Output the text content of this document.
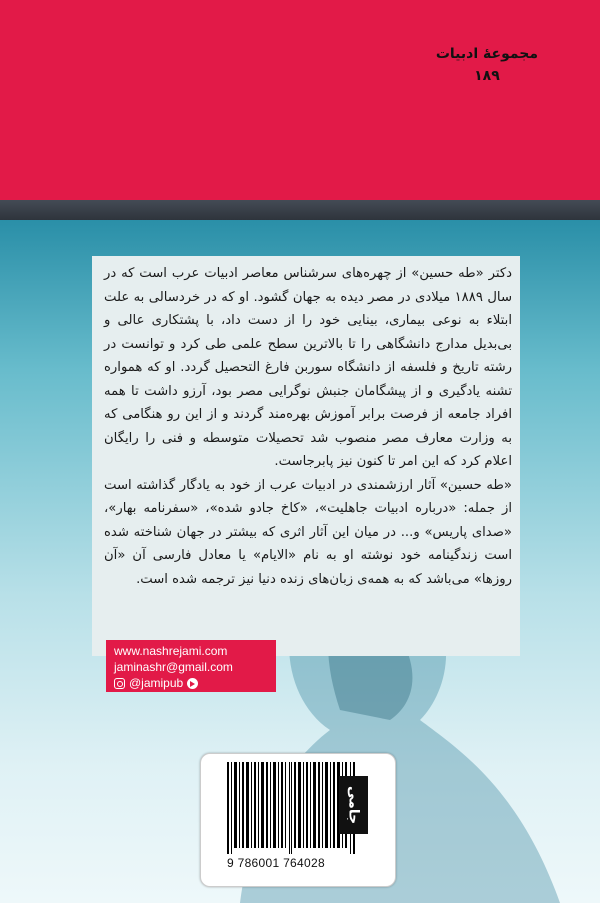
مجموعهٔ ادبیات
۱۸۹

دکتر «طه حسین» از چهره‌های سرشناس معاصر ادبیات عرب است که در سال ۱۸۸۹ میلادی در مصر دیده به جهان گشود. او که در خردسالی به علت ابتلاء به نوعی بیماری، بینایی خود را از دست داد، با پشتکاری عالی و بی‌بدیل مدارج دانشگاهی را تا بالاترین سطح علمی طی کرد و توانست در رشته تاریخ و فلسفه از دانشگاه سوربن فارغ التحصیل گردد. او که همواره تشنه یادگیری و از پیشگامان جنبش نوگرایی مصر بود، آرزو داشت تا همه افراد جامعه از فرصت برابر آموزش بهره‌مند گردند و از این رو هنگامی که به وزارت معارف مصر منصوب شد تحصیلات متوسطه و فنی را رایگان اعلام کرد که این امر تا کنون نیز پابرجاست.

«طه حسین» آثار ارزشمندی در ادبیات عرب از خود به یادگار گذاشته است از جمله: «درباره ادبیات جاهلیت»، «کاخ جادو شده»، «سفرنامه بهار»، «صدای پاریس» و... در میان این آثار اثری که بیشتر در جهان شناخته شده است زندگینامه خود نوشته او به نام «الایام» یا معادل فارسی آن «آن روزها» می‌باشد که به همه‌ی زبان‌های زنده دنیا نیز ترجمه شده است.

www.nashrejami.com
jaminashr@gmail.com
@jamipub
9 786001 764028
جامی
